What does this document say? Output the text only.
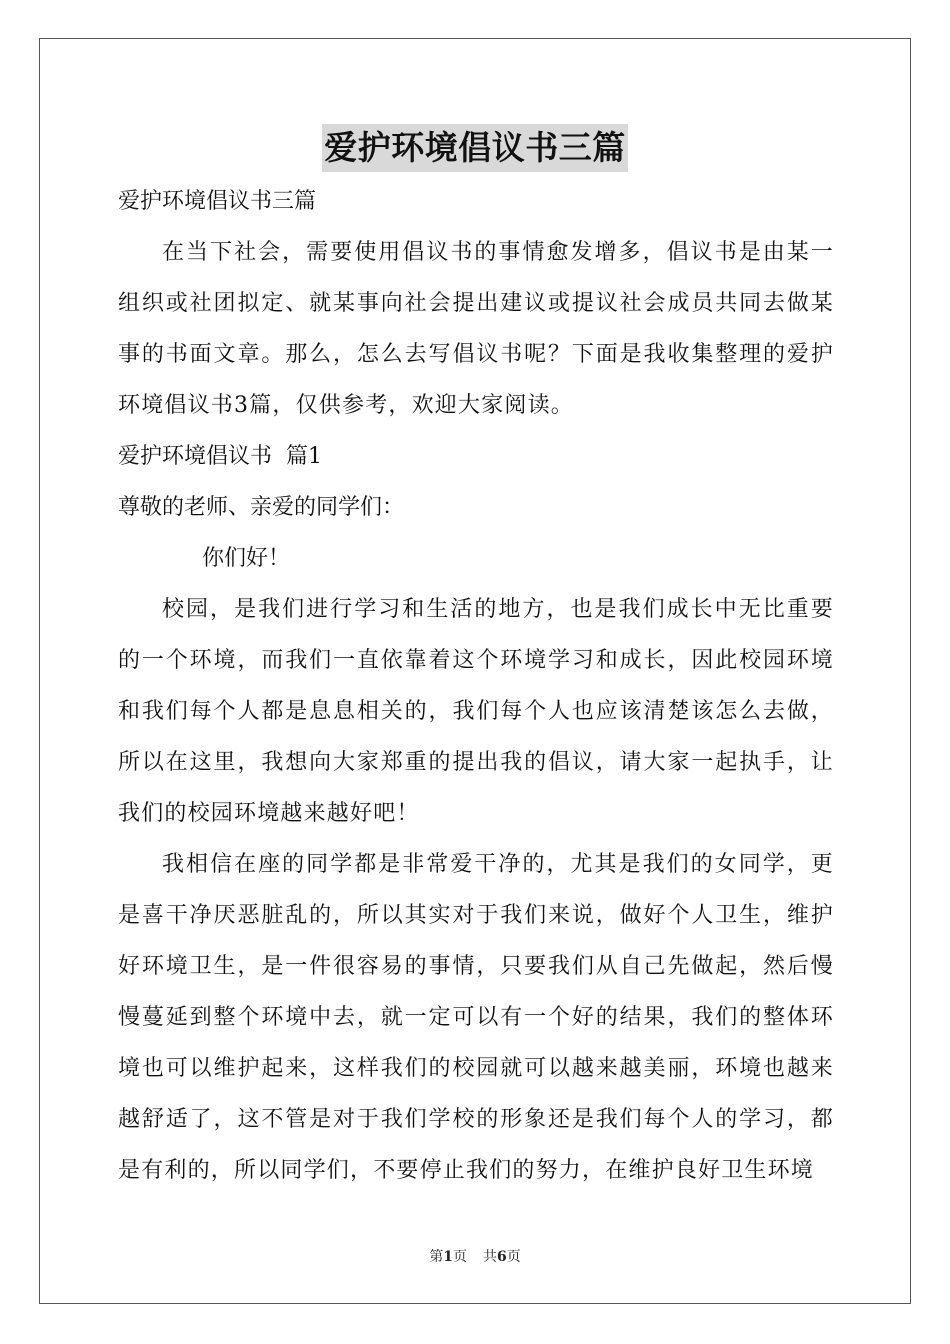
爱护环境倡议书三篇

爱护环境倡议书三篇

在当下社会，需要使用倡议书的事情愈发增多，倡议书是由某一组织或社团拟定、就某事向社会提出建议或提议社会成员共同去做某事的书面文章。那么，怎么去写倡议书呢？下面是我收集整理的爱护环境倡议书3篇，仅供参考，欢迎大家阅读。

爱护环境倡议书  篇1

尊敬的老师、亲爱的同学们：

你们好！

校园，是我们进行学习和生活的地方，也是我们成长中无比重要的一个环境，而我们一直依靠着这个环境学习和成长，因此校园环境和我们每个人都是息息相关的，我们每个人也应该清楚该怎么去做，所以在这里，我想向大家郑重的提出我的倡议，请大家一起执手，让我们的校园环境越来越好吧！

我相信在座的同学都是非常爱干净的，尤其是我们的女同学，更是喜干净厌恶脏乱的，所以其实对于我们来说，做好个人卫生，维护好环境卫生，是一件很容易的事情，只要我们从自己先做起，然后慢慢蔓延到整个环境中去，就一定可以有一个好的结果，我们的整体环境也可以维护起来，这样我们的校园就可以越来越美丽，环境也越来越舒适了，这不管是对于我们学校的形象还是我们每个人的学习，都是有利的，所以同学们，不要停止我们的努力，在维护良好卫生环境

第1页 共6页
